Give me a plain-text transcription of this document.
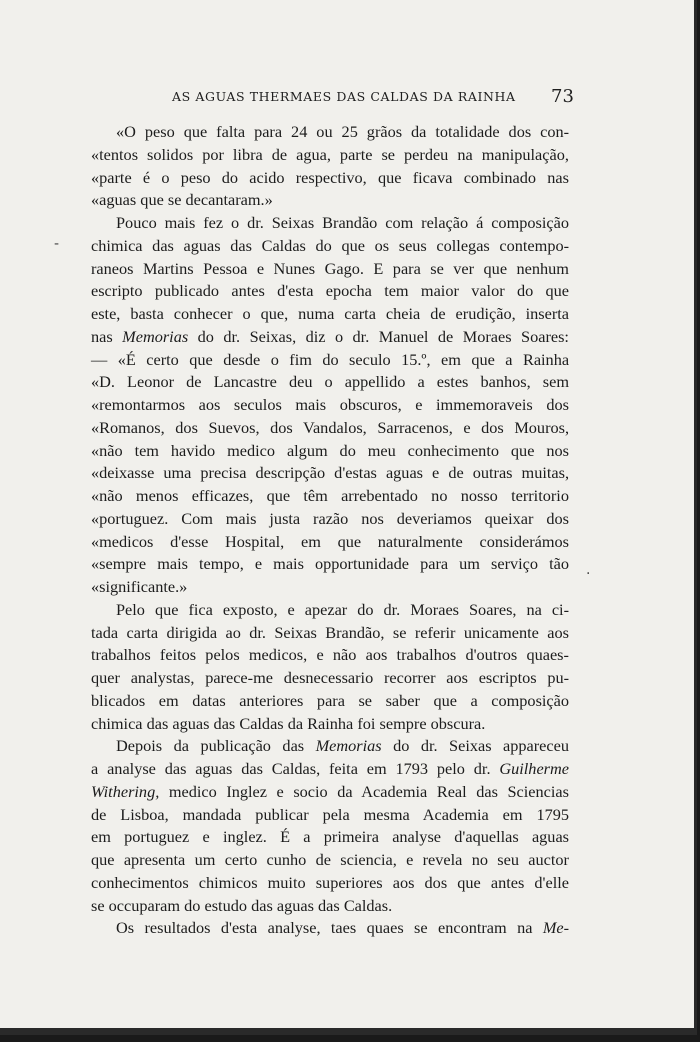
AS AGUAS THERMAES DAS CALDAS DA RAINHA	73
«O peso que falta para 24 ou 25 grãos da totalidade dos con-
«tentos solidos por libra de agua, parte se perdeu na manipulação,
«parte é o peso do acido respectivo, que ficava combinado nas
«aguas que se decantaram.»
Pouco mais fez o dr. Seixas Brandão com relação á composição
chimica das aguas das Caldas do que os seus collegas contempo-
raneos Martins Pessoa e Nunes Gago. E para se ver que nenhum
escripto publicado antes d'esta epocha tem maior valor do que
este, basta conhecer o que, numa carta cheia de erudição, inserta
nas Memorias do dr. Seixas, diz o dr. Manuel de Moraes Soares:
— «É certo que desde o fim do seculo 15.º, em que a Rainha
«D. Leonor de Lancastre deu o appellido a estes banhos, sem
«remontarmos aos seculos mais obscuros, e immemoraveis dos
«Romanos, dos Suevos, dos Vandalos, Sarracenos, e dos Mouros,
«não tem havido medico algum do meu conhecimento que nos
«deixasse uma precisa descripção d'estas aguas e de outras muitas,
«não menos efficazes, que têm arrebentado no nosso territorio
«portuguez. Com mais justa razão nos deveriamos queixar dos
«medicos d'esse Hospital, em que naturalmente considerámos
«sempre mais tempo, e mais opportunidade para um serviço tão
«significante.»
Pelo que fica exposto, e apezar do dr. Moraes Soares, na ci-
tada carta dirigida ao dr. Seixas Brandão, se referir unicamente aos
trabalhos feitos pelos medicos, e não aos trabalhos d'outros quaes-
quer analystas, parece-me desnecessario recorrer aos escriptos pu-
blicados em datas anteriores para se saber que a composição
chimica das aguas das Caldas da Rainha foi sempre obscura.
Depois da publicação das Memorias do dr. Seixas appareceu
a analyse das aguas das Caldas, feita em 1793 pelo dr. Guilherme
Withering, medico Inglez e socio da Academia Real das Sciencias
de Lisboa, mandada publicar pela mesma Academia em 1795
em portuguez e inglez. É a primeira analyse d'aquellas aguas
que apresenta um certo cunho de sciencia, e revela no seu auctor
conhecimentos chimicos muito superiores aos dos que antes d'elle
se occuparam do estudo das aguas das Caldas.
Os resultados d'esta analyse, taes quaes se encontram na Me-
-
·
